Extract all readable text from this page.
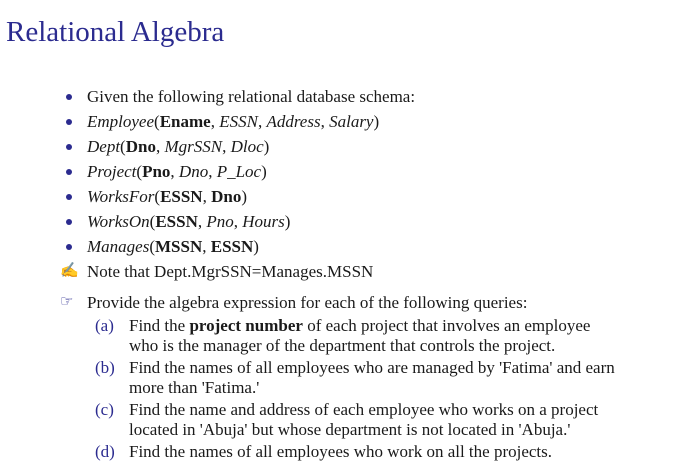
Relational Algebra
Given the following relational database schema:
Employee(Ename, ESSN, Address, Salary)
Dept(Dno, MgrSSN, Dloc)
Project(Pno, Dno, P_Loc)
WorksFor(ESSN, Dno)
WorksOn(ESSN, Pno, Hours)
Manages(MSSN, ESSN)
✍ Note that Dept.MgrSSN=Manages.MSSN
☞ Provide the algebra expression for each of the following queries:
(a) Find the project number of each project that involves an employee
who is the manager of the department that controls the project.
(b) Find the names of all employees who are managed by 'Fatima' and earn
more than 'Fatima.'
(c) Find the name and address of each employee who works on a project
located in 'Abuja' but whose department is not located in 'Abuja.'
(d) Find the names of all employees who work on all the projects.
